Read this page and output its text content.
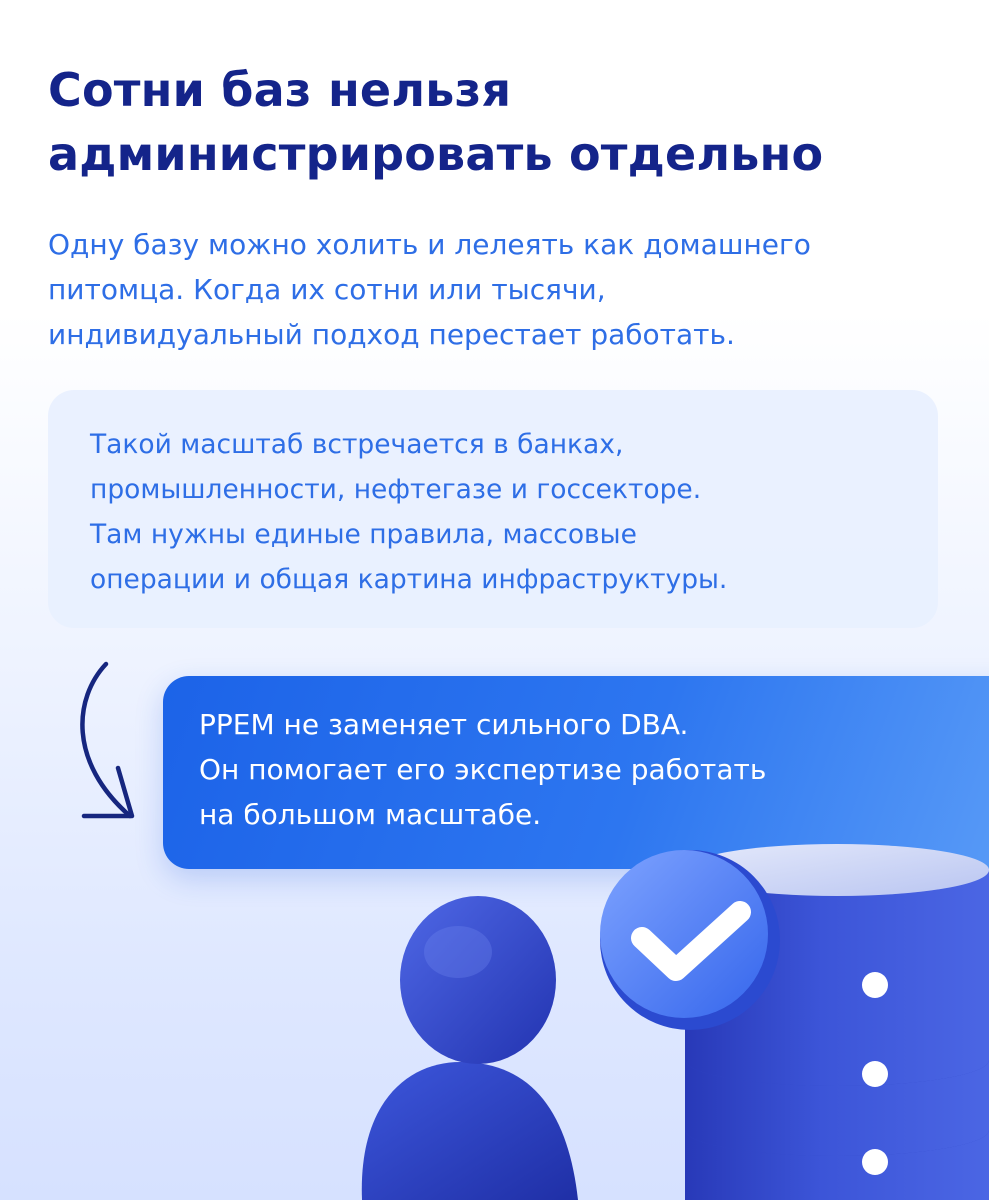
Сотни баз нельзя
администрировать отдельно

Одну базу можно холить и лелеять как домашнего
питомца. Когда их сотни или тысячи,
индивидуальный подход перестает работать.

Такой масштаб встречается в банках,
промышленности, нефтегазе и госсекторе.
Там нужны единые правила, массовые
операции и общая картина инфраструктуры.

PPEM не заменяет сильного DBA.
Он помогает его экспертизе работать
на большом масштабе.
